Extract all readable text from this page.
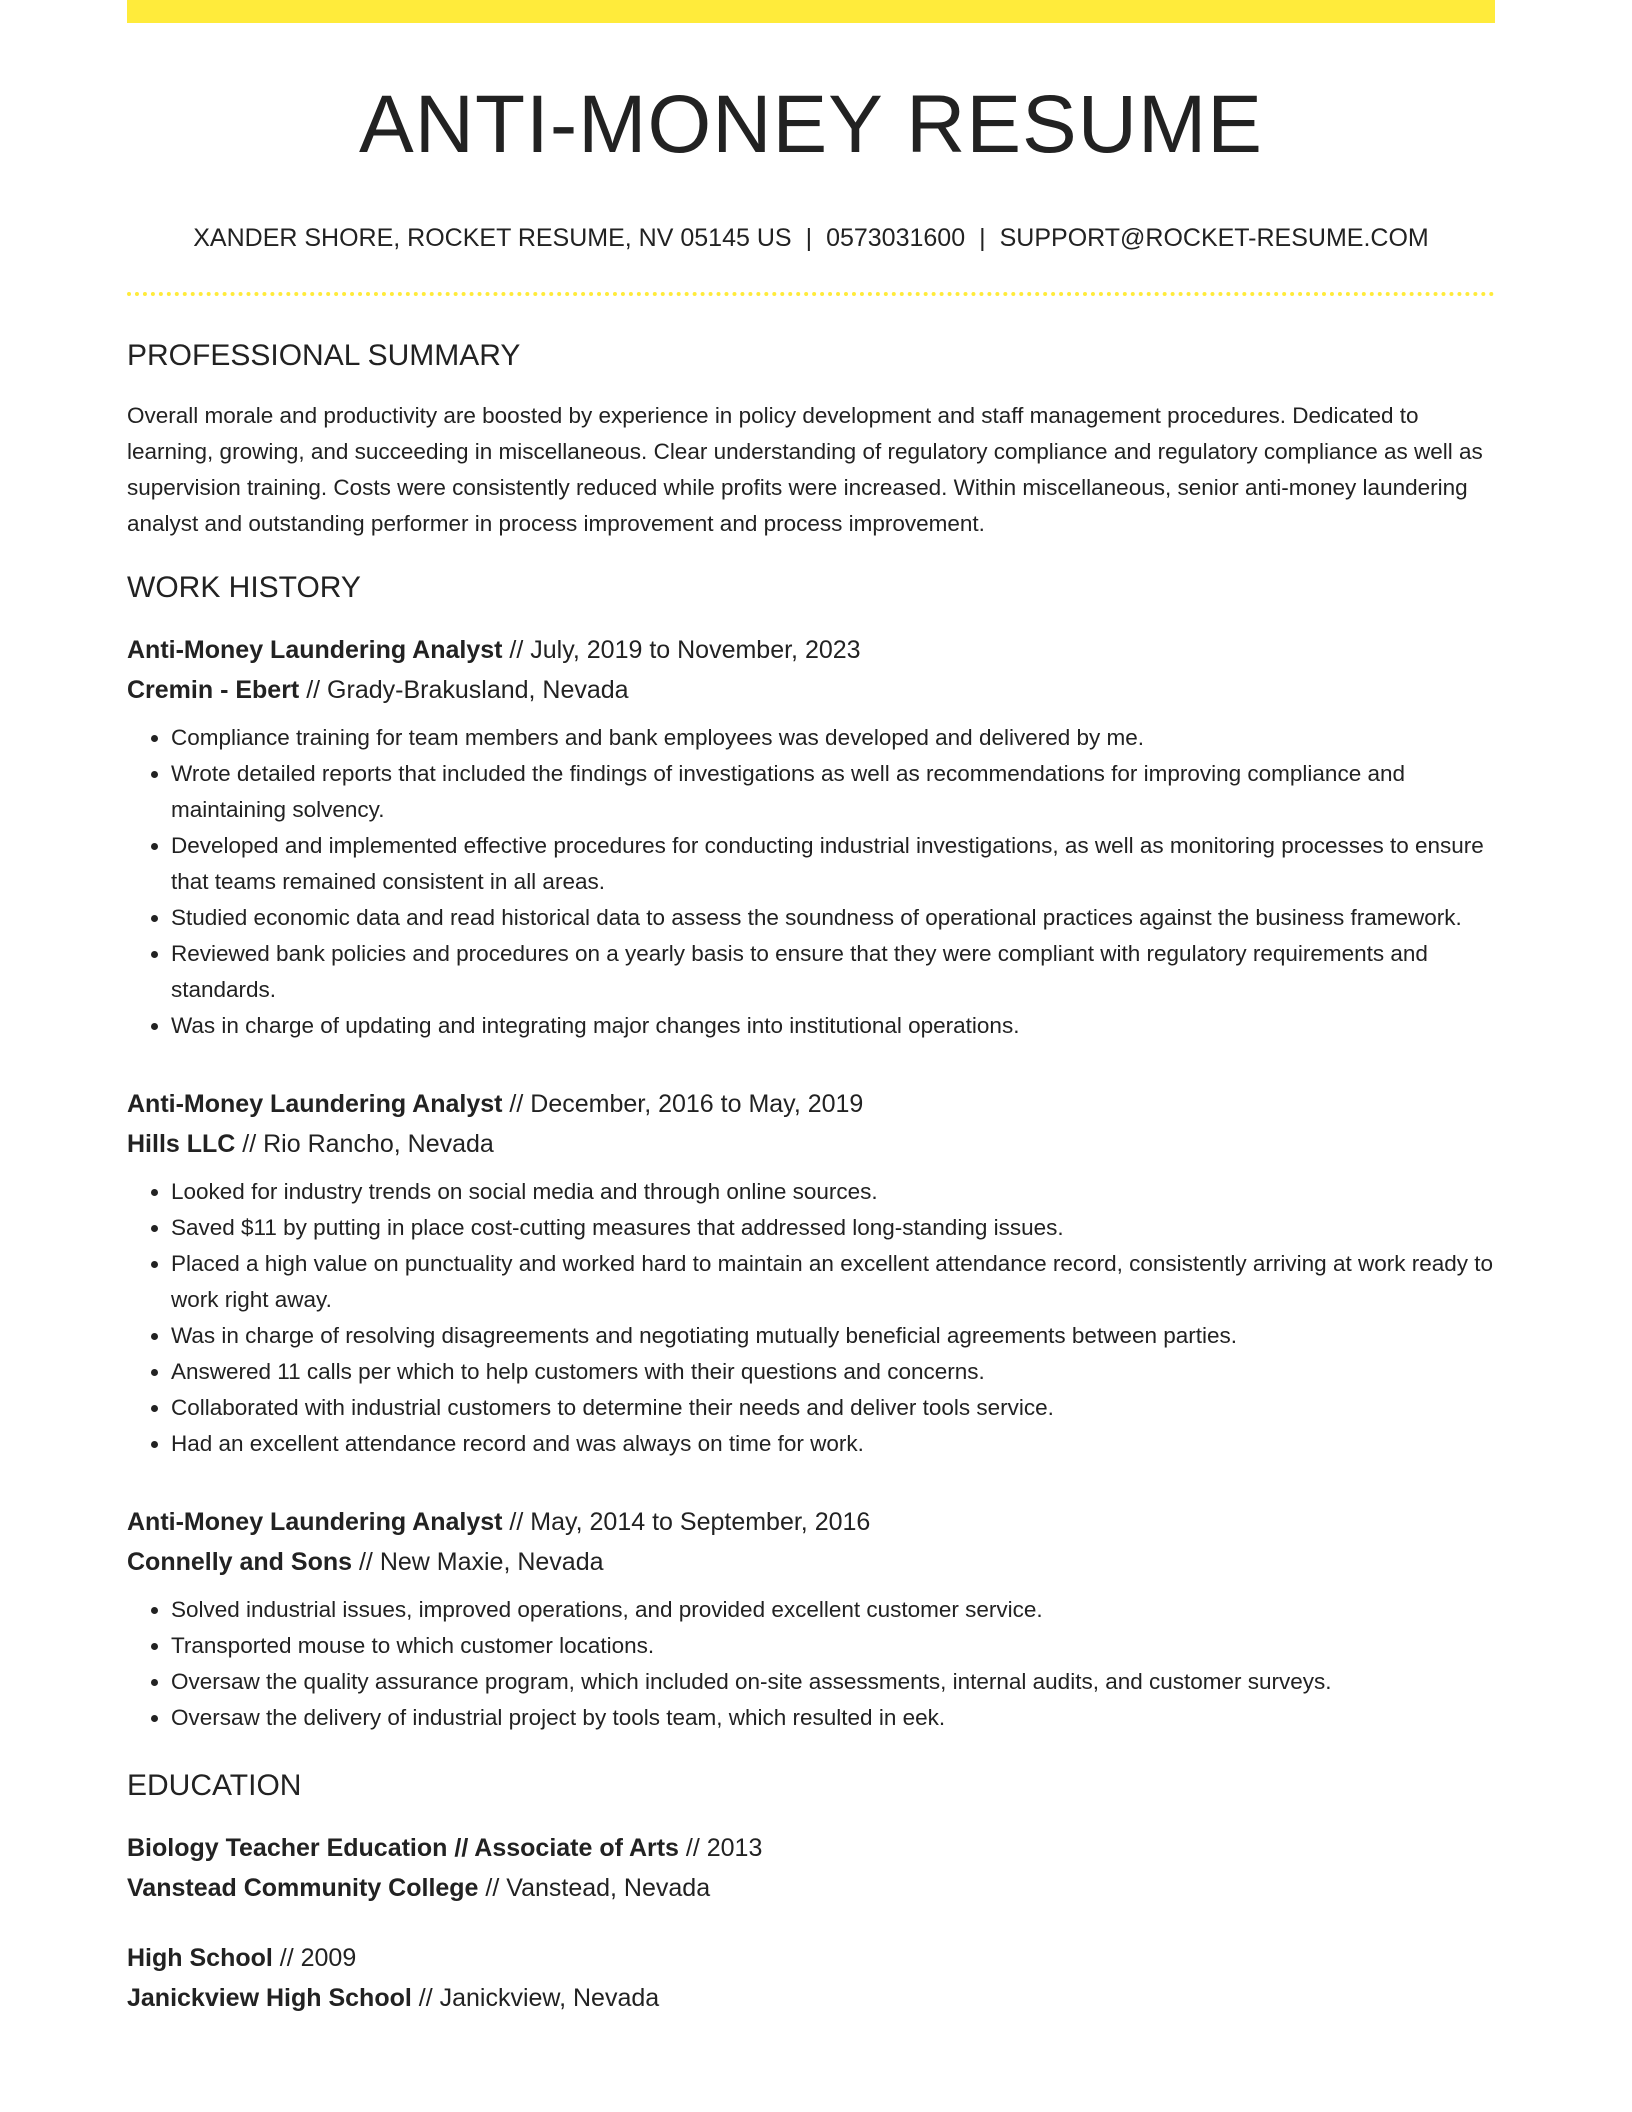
ANTI-MONEY RESUME
XANDER SHORE, ROCKET RESUME, NV 05145 US | 0573031600 | SUPPORT@ROCKET-RESUME.COM
PROFESSIONAL SUMMARY

Overall morale and productivity are boosted by experience in policy development and staff management procedures. Dedicated to learning, growing, and succeeding in miscellaneous. Clear understanding of regulatory compliance and regulatory compliance as well as supervision training. Costs were consistently reduced while profits were increased. Within miscellaneous, senior anti-money laundering analyst and outstanding performer in process improvement and process improvement.

WORK HISTORY
Anti-Money Laundering Analyst // July, 2019 to November, 2023
Cremin - Ebert // Grady-Brakusland, Nevada
• Compliance training for team members and bank employees was developed and delivered by me.
• Wrote detailed reports that included the findings of investigations as well as recommendations for improving compliance and maintaining solvency.
• Developed and implemented effective procedures for conducting industrial investigations, as well as monitoring processes to ensure that teams remained consistent in all areas.
• Studied economic data and read historical data to assess the soundness of operational practices against the business framework.
• Reviewed bank policies and procedures on a yearly basis to ensure that they were compliant with regulatory requirements and standards.
• Was in charge of updating and integrating major changes into institutional operations.
Anti-Money Laundering Analyst // December, 2016 to May, 2019
Hills LLC // Rio Rancho, Nevada
• Looked for industry trends on social media and through online sources.
• Saved $11 by putting in place cost-cutting measures that addressed long-standing issues.
• Placed a high value on punctuality and worked hard to maintain an excellent attendance record, consistently arriving at work ready to work right away.
• Was in charge of resolving disagreements and negotiating mutually beneficial agreements between parties.
• Answered 11 calls per which to help customers with their questions and concerns.
• Collaborated with industrial customers to determine their needs and deliver tools service.
• Had an excellent attendance record and was always on time for work.
Anti-Money Laundering Analyst // May, 2014 to September, 2016
Connelly and Sons // New Maxie, Nevada
• Solved industrial issues, improved operations, and provided excellent customer service.
• Transported mouse to which customer locations.
• Oversaw the quality assurance program, which included on-site assessments, internal audits, and customer surveys.
• Oversaw the delivery of industrial project by tools team, which resulted in eek.
EDUCATION
Biology Teacher Education // Associate of Arts // 2013
Vanstead Community College // Vanstead, Nevada
High School // 2009
Janickview High School // Janickview, Nevada
